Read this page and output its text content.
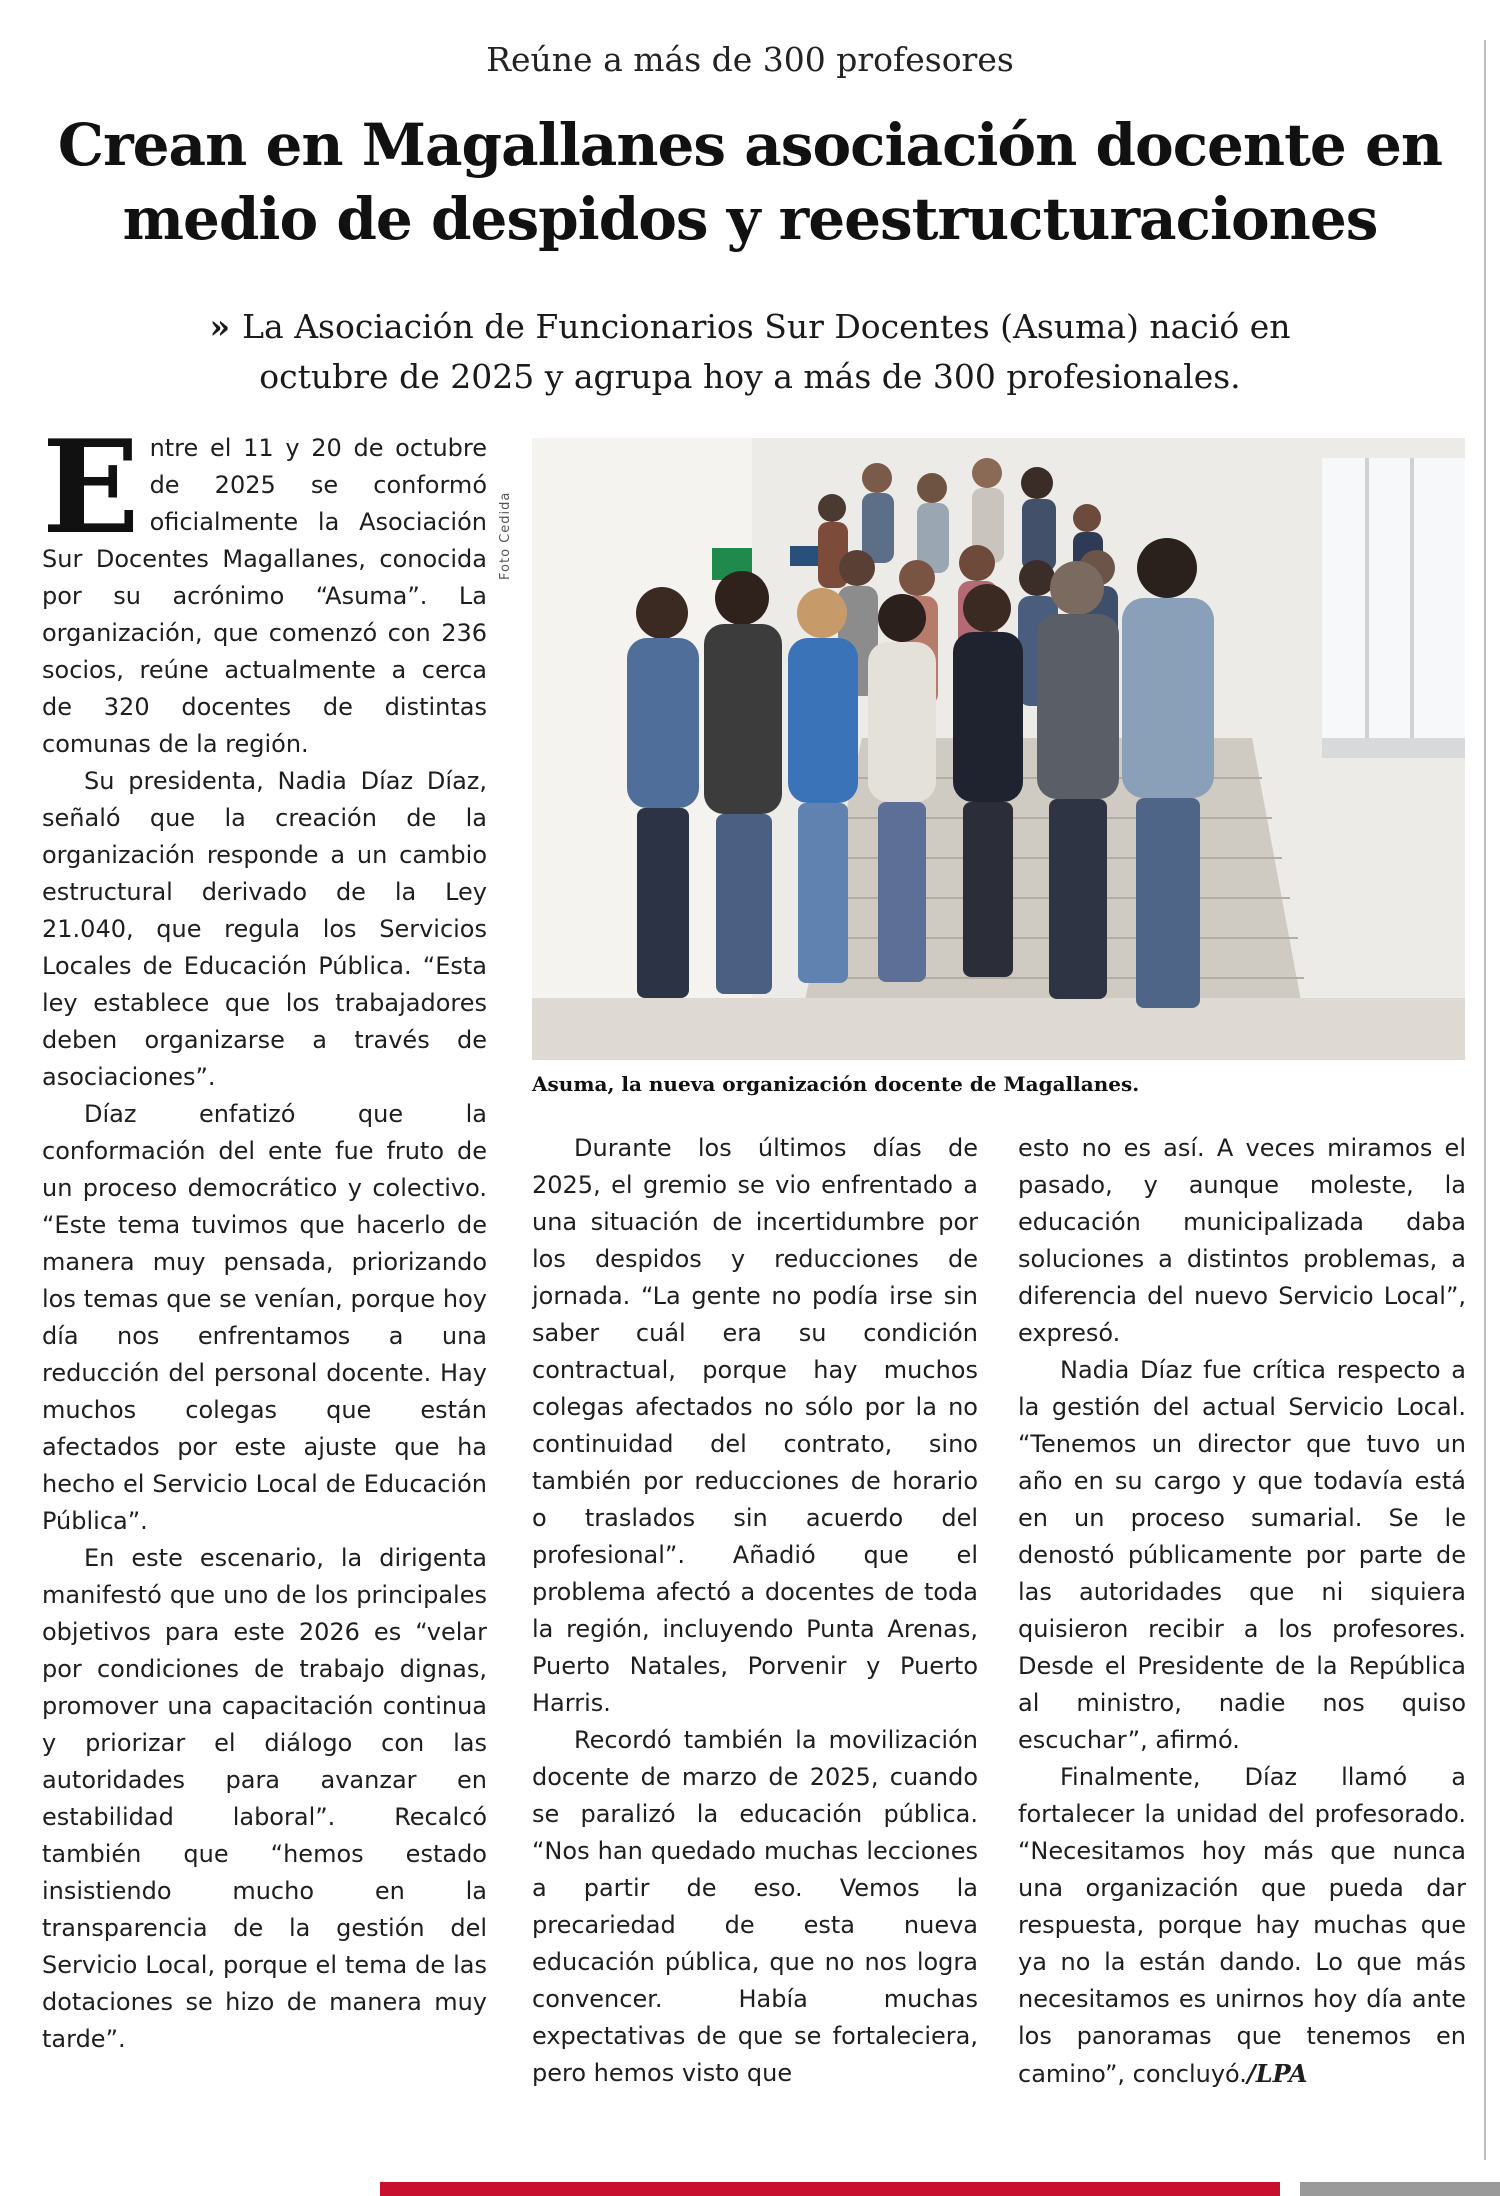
Reúne a más de 300 profesores
Crean en Magallanes asociación docente en medio de despidos y reestructuraciones
» La Asociación de Funcionarios Sur Docentes (Asuma) nació en octubre de 2025 y agrupa hoy a más de 300 profesionales.

Entre el 11 y 20 de octubre de 2025 se conformó oficialmente la Asociación Sur Docentes Magallanes, conocida por su acrónimo “Asuma”. La organización, que comenzó con 236 socios, reúne actualmente a cerca de 320 docentes de distintas comunas de la región.

Su presidenta, Nadia Díaz Díaz, señaló que la creación de la organización responde a un cambio estructural derivado de la Ley 21.040, que regula los Servicios Locales de Educación Pública. “Esta ley establece que los trabajadores deben organizarse a través de asociaciones”.

Díaz enfatizó que la conformación del ente fue fruto de un proceso democrático y colectivo. “Este tema tuvimos que hacerlo de manera muy pensada, priorizando los temas que se venían, porque hoy día nos enfrentamos a una reducción del personal docente. Hay muchos colegas que están afectados por este ajuste que ha hecho el Servicio Local de Educación Pública”.

En este escenario, la dirigenta manifestó que uno de los principales objetivos para este 2026 es “velar por condiciones de trabajo dignas, promover una capacitación continua y priorizar el diálogo con las autoridades para avanzar en estabilidad laboral”. Recalcó también que “hemos estado insistiendo mucho en la transparencia de la gestión del Servicio Local, porque el tema de las dotaciones se hizo de manera muy tarde”.

Foto Cedida
Asuma, la nueva organización docente de Magallanes.

Durante los últimos días de 2025, el gremio se vio enfrentado a una situación de incertidumbre por los despidos y reducciones de jornada. “La gente no podía irse sin saber cuál era su condición contractual, porque hay muchos colegas afectados no sólo por la no continuidad del contrato, sino también por reducciones de horario o traslados sin acuerdo del profesional”. Añadió que el problema afectó a docentes de toda la región, incluyendo Punta Arenas, Puerto Natales, Porvenir y Puerto Harris.

Recordó también la movilización docente de marzo de 2025, cuando se paralizó la educación pública. “Nos han quedado muchas lecciones a partir de eso. Vemos la precariedad de esta nueva educación pública, que no nos logra convencer. Había muchas expectativas de que se fortaleciera, pero hemos visto que

esto no es así. A veces miramos el pasado, y aunque moleste, la educación municipalizada daba soluciones a distintos problemas, a diferencia del nuevo Servicio Local”, expresó.

Nadia Díaz fue crítica respecto a la gestión del actual Servicio Local. “Tenemos un director que tuvo un año en su cargo y que todavía está en un proceso sumarial. Se le denostó públicamente por parte de las autoridades que ni siquiera quisieron recibir a los profesores. Desde el Presidente de la República al ministro, nadie nos quiso escuchar”, afirmó.

Finalmente, Díaz llamó a fortalecer la unidad del profesorado. “Necesitamos hoy más que nunca una organización que pueda dar respuesta, porque hay muchas que ya no la están dando. Lo que más necesitamos es unirnos hoy día ante los panoramas que tenemos en camino”, concluyó./LPA
